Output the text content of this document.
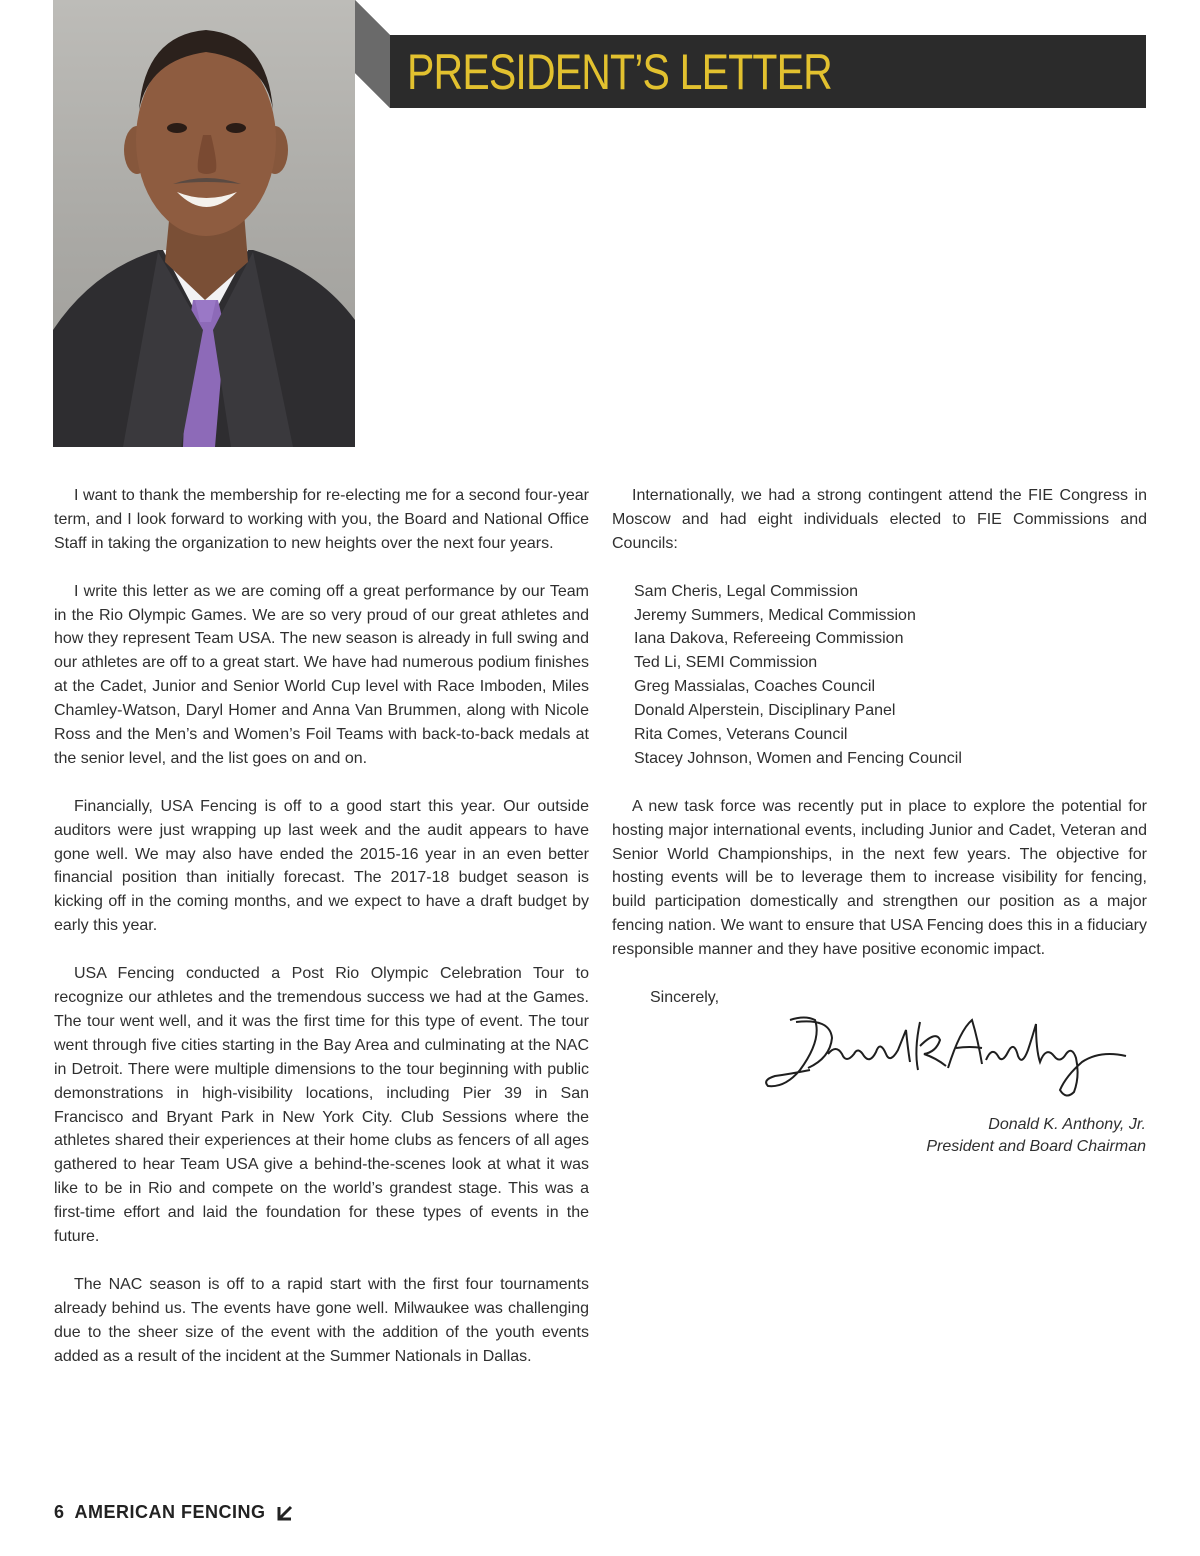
PRESIDENT’S LETTER

I want to thank the membership for re-electing me for a second four-year term, and I look forward to working with you, the Board and National Office Staff in taking the organization to new heights over the next four years.

I write this letter as we are coming off a great performance by our Team in the Rio Olympic Games. We are so very proud of our great athletes and how they represent Team USA. The new season is already in full swing and our athletes are off to a great start. We have had numerous podium finishes at the Cadet, Junior and Senior World Cup level with Race Imboden, Miles Chamley-Watson, Daryl Homer and Anna Van Brummen, along with Nicole Ross and the Men’s and Women’s Foil Teams with back-to-back medals at the senior level, and the list goes on and on.

Financially, USA Fencing is off to a good start this year. Our outside auditors were just wrapping up last week and the audit appears to have gone well. We may also have ended the 2015-16 year in an even better financial position than initially forecast. The 2017-18 budget season is kicking off in the coming months, and we expect to have a draft budget by early this year.

USA Fencing conducted a Post Rio Olympic Celebration Tour to recognize our athletes and the tremendous success we had at the Games. The tour went well, and it was the first time for this type of event. The tour went through five cities starting in the Bay Area and culminating at the NAC in Detroit. There were multiple dimensions to the tour beginning with public demonstrations in high-visibility locations, including Pier 39 in San Francisco and Bryant Park in New York City. Club Sessions where the athletes shared their experiences at their home clubs as fencers of all ages gathered to hear Team USA give a behind-the-scenes look at what it was like to be in Rio and compete on the world’s grandest stage. This was a first-time effort and laid the foundation for these types of events in the future.

The NAC season is off to a rapid start with the first four tournaments already behind us. The events have gone well. Milwaukee was challenging due to the sheer size of the event with the addition of the youth events added as a result of the incident at the Summer Nationals in Dallas.

Internationally, we had a strong contingent attend the FIE Congress in Moscow and had eight individuals elected to FIE Commissions and Councils:

Sam Cheris, Legal Commission
Jeremy Summers, Medical Commission
Iana Dakova, Refereeing Commission
Ted Li, SEMI Commission
Greg Massialas, Coaches Council
Donald Alperstein, Disciplinary Panel
Rita Comes, Veterans Council
Stacey Johnson, Women and Fencing Council

A new task force was recently put in place to explore the potential for hosting major international events, including Junior and Cadet, Veteran and Senior World Championships, in the next few years. The objective for hosting events will be to leverage them to increase visibility for fencing, build participation domestically and strengthen our position as a major fencing nation. We want to ensure that USA Fencing does this in a fiduciary responsible manner and they have positive economic impact.

Sincerely,

Donald K. Anthony, Jr.
President and Board Chairman
6 AMERICAN FENCING
